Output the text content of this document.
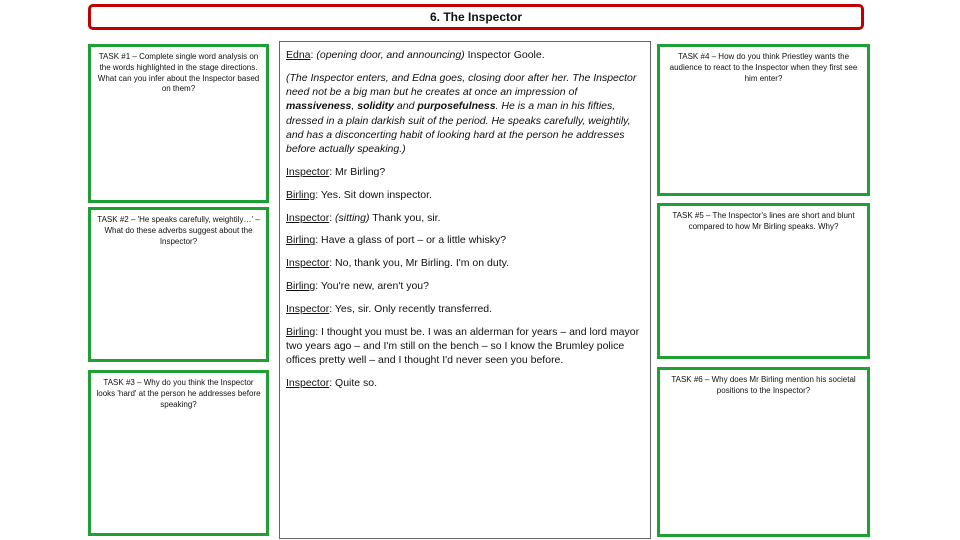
6. The Inspector
TASK #1 – Complete single word analysis on the words highlighted in the stage directions. What can you infer about the Inspector based on them?
TASK #2 – 'He speaks carefully, weightily…' – What do these adverbs suggest about the Inspector?
TASK #3 – Why do you think the Inspector looks 'hard' at the person he addresses before speaking?
TASK #4 – How do you think Priestley wants the audience to react to the Inspector when they first see him enter?
TASK #5 – The Inspector's lines are short and blunt compared to how Mr Birling speaks. Why?
TASK #6 – Why does Mr Birling mention his societal positions to the Inspector?

Edna: (opening door, and announcing) Inspector Goole.

(The Inspector enters, and Edna goes, closing door after her. The Inspector need not be a big man but he creates at once an impression of massiveness, solidity and purposefulness. He is a man in his fifties, dressed in a plain darkish suit of the period. He speaks carefully, weightily, and has a disconcerting habit of looking hard at the person he addresses before actually speaking.)

Inspector: Mr Birling?

Birling: Yes. Sit down inspector.

Inspector: (sitting) Thank you, sir.

Birling: Have a glass of port – or a little whisky?

Inspector: No, thank you, Mr Birling. I'm on duty.

Birling: You're new, aren't you?

Inspector: Yes, sir. Only recently transferred.

Birling: I thought you must be. I was an alderman for years – and lord mayor two years ago – and I'm still on the bench – so I know the Brumley police offices pretty well – and I thought I'd never seen you before.

Inspector: Quite so.
